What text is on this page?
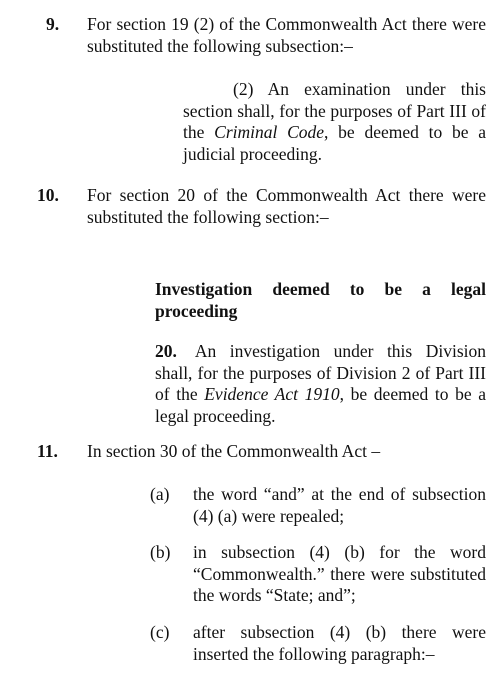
9. For section 19 (2) of the Commonwealth Act there were substituted the following subsection:–
(2) An examination under this section shall, for the purposes of Part III of the Criminal Code, be deemed to be a judicial proceeding.
10. For section 20 of the Commonwealth Act there were substituted the following section:–
Investigation deemed to be a legal proceeding
20. An investigation under this Division shall, for the purposes of Division 2 of Part III of the Evidence Act 1910, be deemed to be a legal proceeding.
11. In section 30 of the Commonwealth Act –
(a) the word “and” at the end of subsection (4) (a) were repealed;
(b) in subsection (4) (b) for the word “Commonwealth.” there were substituted the words “State; and”;
(c) after subsection (4) (b) there were inserted the following paragraph:–
